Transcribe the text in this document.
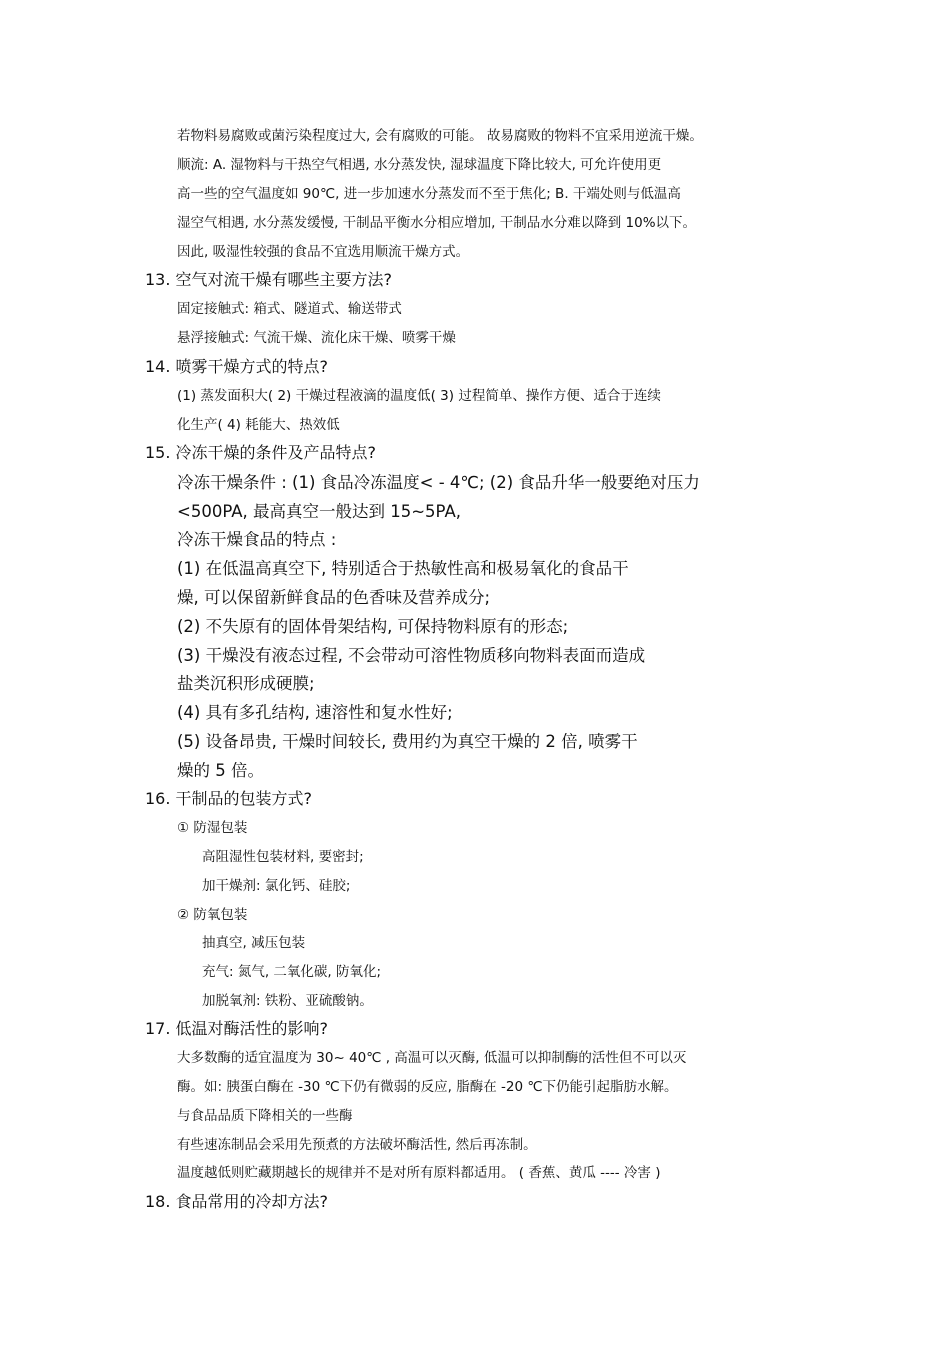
若物料易腐败或菌污染程度过大, 会有腐败的可能。 故易腐败的物料不宜采用逆流干燥。
顺流: A. 湿物料与干热空气相遇, 水分蒸发快, 湿球温度下降比较大, 可允许使用更
高一些的空气温度如 90℃, 进一步加速水分蒸发而不至于焦化; B. 干端处则与低温高
湿空气相遇, 水分蒸发缓慢, 干制品平衡水分相应增加, 干制品水分难以降到 10%以下。
因此, 吸湿性较强的食品不宜选用顺流干燥方式。
13. 空气对流干燥有哪些主要方法?
固定接触式: 箱式、隧道式、输送带式
悬浮接触式: 气流干燥、流化床干燥、喷雾干燥
14. 喷雾干燥方式的特点?
(1) 蒸发面积大( 2) 干燥过程液滴的温度低( 3) 过程简单、操作方便、适合于连续
化生产( 4) 耗能大、热效低
15. 冷冻干燥的条件及产品特点?
冷冻干燥条件 : (1) 食品冷冻温度< - 4℃; (2) 食品升华一般要绝对压力
<500PA, 最高真空一般达到 15~5PA,
冷冻干燥食品的特点 :
(1) 在低温高真空下, 特别适合于热敏性高和极易氧化的食品干
燥, 可以保留新鲜食品的色香味及营养成分;
(2) 不失原有的固体骨架结构, 可保持物料原有的形态;
(3) 干燥没有液态过程, 不会带动可溶性物质移向物料表面而造成
盐类沉积形成硬膜;
(4) 具有多孔结构, 速溶性和复水性好;
(5) 设备昂贵, 干燥时间较长, 费用约为真空干燥的 2 倍, 喷雾干
燥的 5 倍。
16. 干制品的包装方式?
① 防湿包装
高阻湿性包装材料, 要密封;
加干燥剂: 氯化钙、硅胶;
② 防氧包装
抽真空, 减压包装
充气: 氮气, 二氧化碳, 防氧化;
加脱氧剂: 铁粉、亚硫酸钠。
17. 低温对酶活性的影响?
大多数酶的适宜温度为 30~ 40℃ , 高温可以灭酶, 低温可以抑制酶的活性但不可以灭
酶。如: 胰蛋白酶在 -30 ℃下仍有微弱的反应, 脂酶在 -20 ℃下仍能引起脂肪水解。
与食品品质下降相关的一些酶
有些速冻制品会采用先预煮的方法破坏酶活性, 然后再冻制。
温度越低则贮藏期越长的规律并不是对所有原料都适用。 ( 香蕉、黄瓜 ---- 冷害 )
18. 食品常用的冷却方法?
